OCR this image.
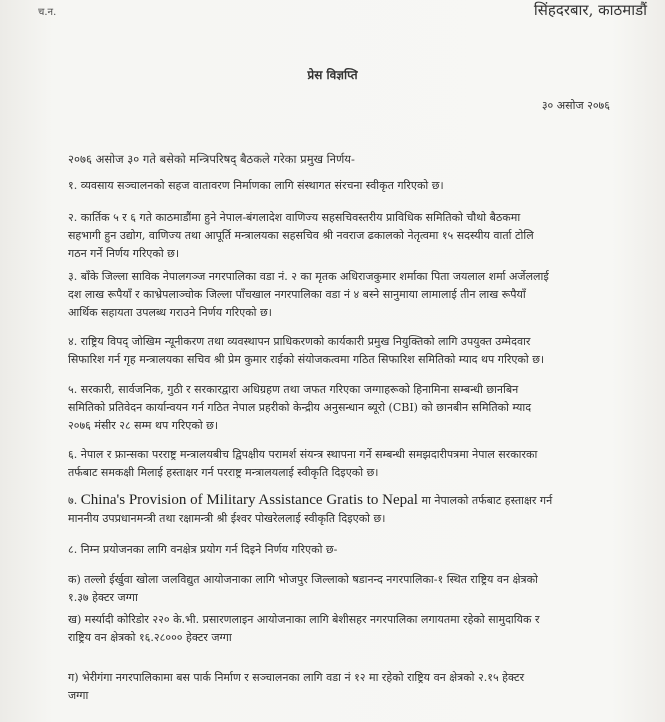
च.न.	सिंहदरबार, काठमाडौं
प्रेस विज्ञप्ति
३० असोज २०७६
२०७६ असोज ३० गते बसेको मन्त्रिपरिषद् बैठकले गरेका प्रमुख निर्णय-
१. व्यवसाय सञ्चालनको सहज वातावरण निर्माणका लागि संस्थागत संरचना स्वीकृत गरिएको छ।
२. कार्तिक ५ र ६ गते काठमाडौंमा हुने नेपाल-बंगलादेश वाणिज्य सहसचिवस्तरीय प्राविधिक समितिको चौथो बैठकमा
सहभागी हुन उद्योग, वाणिज्य तथा आपूर्ति मन्त्रालयका सहसचिव श्री नवराज ढकालको नेतृत्वमा १५ सदस्यीय वार्ता टोलि
गठन गर्ने निर्णय गरिएको छ।
३. बाँके जिल्ला साविक नेपालगञ्ज नगरपालिका वडा नं. २ का मृतक अधिराजकुमार शर्माका पिता जयलाल शर्मा अर्जेललाई
दश लाख रूपैयाँ र काभ्रेपलाञ्चोक जिल्ला पाँचखाल नगरपालिका वडा नं ४ बस्ने सानुमाया लामालाई तीन लाख रूपैयाँ
आर्थिक सहायता उपलब्ध गराउने निर्णय गरिएको छ।
४. राष्ट्रिय विपद् जोखिम न्यूनीकरण तथा व्यवस्थापन प्राधिकरणको कार्यकारी प्रमुख नियुक्तिको लागि उपयुक्त उम्मेदवार
सिफारिश गर्न गृह मन्त्रालयका सचिव श्री प्रेम कुमार राईको संयोजकत्वमा गठित सिफारिश समितिको म्याद थप गरिएको छ।
५. सरकारी, सार्वजनिक, गुठी र सरकारद्वारा अधिग्रहण तथा जफत गरिएका जग्गाहरूको हिनामिना सम्बन्धी छानबिन
समितिको प्रतिवेदन कार्यान्वयन गर्न गठित नेपाल प्रहरीको केन्द्रीय अनुसन्धान ब्यूरो (CBI) को छानबीन समितिको म्याद
२०७६ मंसीर २८ सम्म थप गरिएको छ।
६. नेपाल र फ्रान्सका परराष्ट्र मन्त्रालयबीच द्विपक्षीय परामर्श संयन्त्र स्थापना गर्ने सम्बन्धी समझदारीपत्रमा नेपाल सरकारका
तर्फबाट समकक्षी मिलाई हस्ताक्षर गर्न परराष्ट्र मन्त्रालयलाई स्वीकृति दिइएको छ।
७. China's Provision of Military Assistance Gratis to Nepal मा नेपालको तर्फबाट हस्ताक्षर गर्न
माननीय उपप्रधानमन्त्री तथा रक्षामन्त्री श्री ईश्वर पोखरेललाई स्वीकृति दिइएको छ।
८. निम्न प्रयोजनका लागि वनक्षेत्र प्रयोग गर्न दिइने निर्णय गरिएको छ-
क) तल्लो ईर्खुवा खोला जलविद्युत आयोजनाका लागि भोजपुर जिल्लाको षडानन्द नगरपालिका-१ स्थित राष्ट्रिय वन क्षेत्रको
१.३७ हेक्टर जग्गा
ख) मर्स्यादी कोरिडोर २२० के.भी. प्रसारणलाइन आयोजनाका लागि बेशीसहर नगरपालिका लगायतमा रहेको सामुदायिक र
राष्ट्रिय वन क्षेत्रको १६.२८००० हेक्टर जग्गा
ग) भेरीगंगा नगरपालिकामा बस पार्क निर्माण र सञ्चालनका लागि वडा नं १२ मा रहेको राष्ट्रिय वन क्षेत्रको २.१५ हेक्टर
जग्गा
